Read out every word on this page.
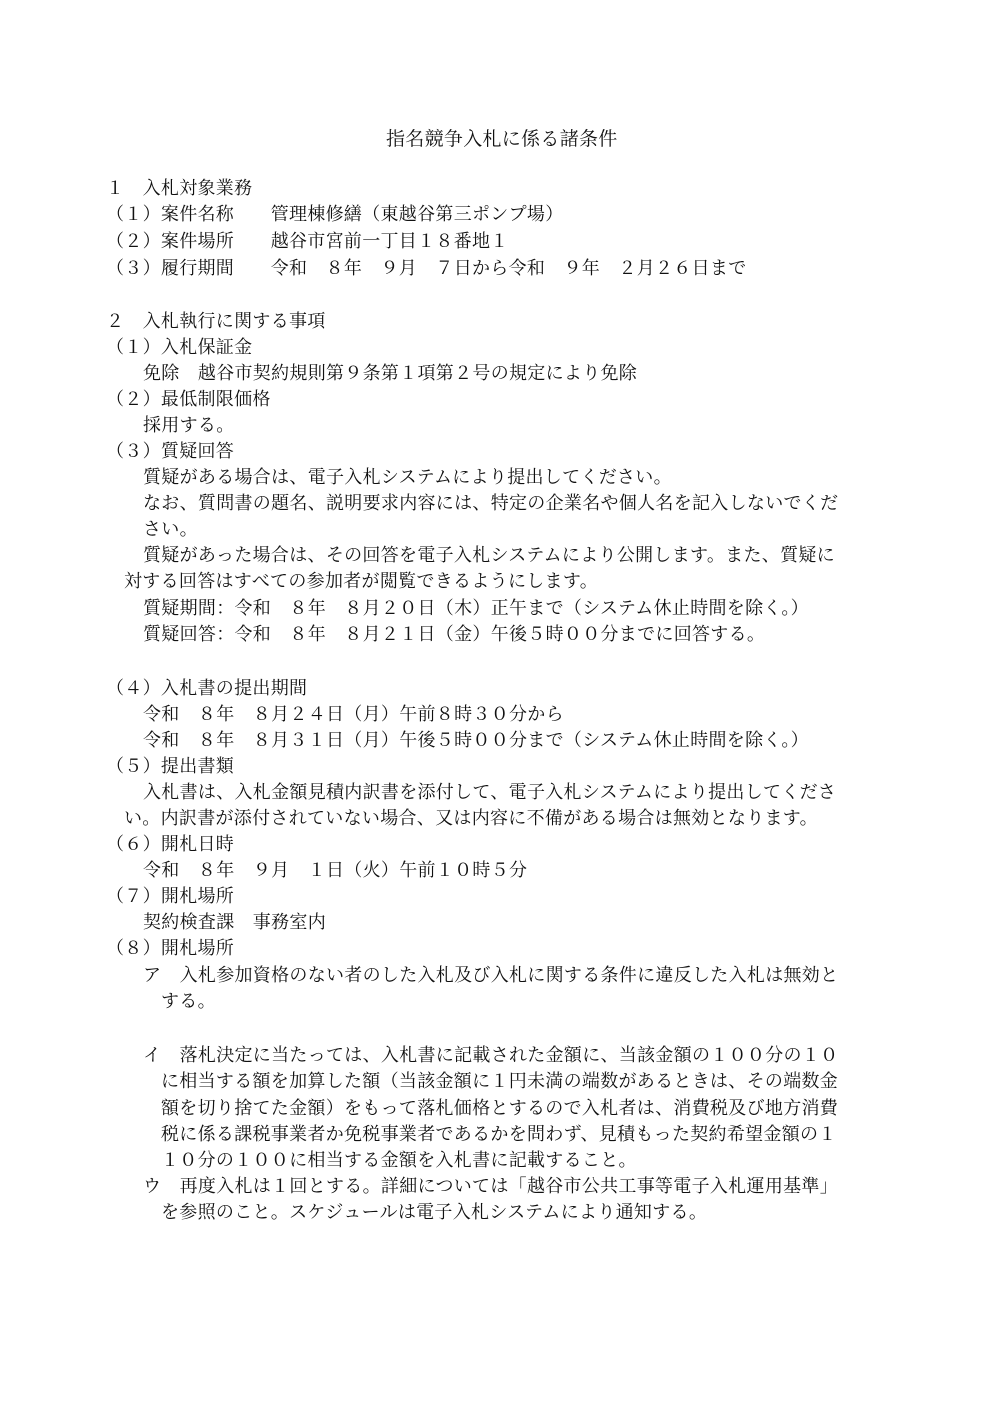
指名競争入札に係る諸条件
１　入札対象業務
（１）案件名称　　管理棟修繕（東越谷第三ポンプ場）
（２）案件場所　　越谷市宮前一丁目１８番地１
（３）履行期間　　令和　８年　９月　７日から令和　９年　２月２６日まで
２　入札執行に関する事項
（１）入札保証金
免除　越谷市契約規則第９条第１項第２号の規定により免除
（２）最低制限価格
採用する。
（３）質疑回答
質疑がある場合は、電子入札システムにより提出してください。
なお、質問書の題名、説明要求内容には、特定の企業名や個人名を記入しないでくだ
さい。
質疑があった場合は、その回答を電子入札システムにより公開します。また、質疑に
対する回答はすべての参加者が閲覧できるようにします。
質疑期間：令和　８年　８月２０日（木）正午まで（システム休止時間を除く。）
質疑回答：令和　８年　８月２１日（金）午後５時００分までに回答する。
（４）入札書の提出期間
令和　８年　８月２４日（月）午前８時３０分から
令和　８年　８月３１日（月）午後５時００分まで（システム休止時間を除く。）
（５）提出書類
入札書は、入札金額見積内訳書を添付して、電子入札システムにより提出してくださ
い。内訳書が添付されていない場合、又は内容に不備がある場合は無効となります。
（６）開札日時
令和　８年　９月　１日（火）午前１０時５分
（７）開札場所
契約検査課　事務室内
（８）開札場所
ア　入札参加資格のない者のした入札及び入札に関する条件に違反した入札は無効と
する。
イ　落札決定に当たっては、入札書に記載された金額に、当該金額の１００分の１０
に相当する額を加算した額（当該金額に１円未満の端数があるときは、その端数金
額を切り捨てた金額）をもって落札価格とするので入札者は、消費税及び地方消費
税に係る課税事業者か免税事業者であるかを問わず、見積もった契約希望金額の１
１０分の１００に相当する金額を入札書に記載すること。
ウ　再度入札は１回とする。詳細については「越谷市公共工事等電子入札運用基準」
を参照のこと。スケジュールは電子入札システムにより通知する。
